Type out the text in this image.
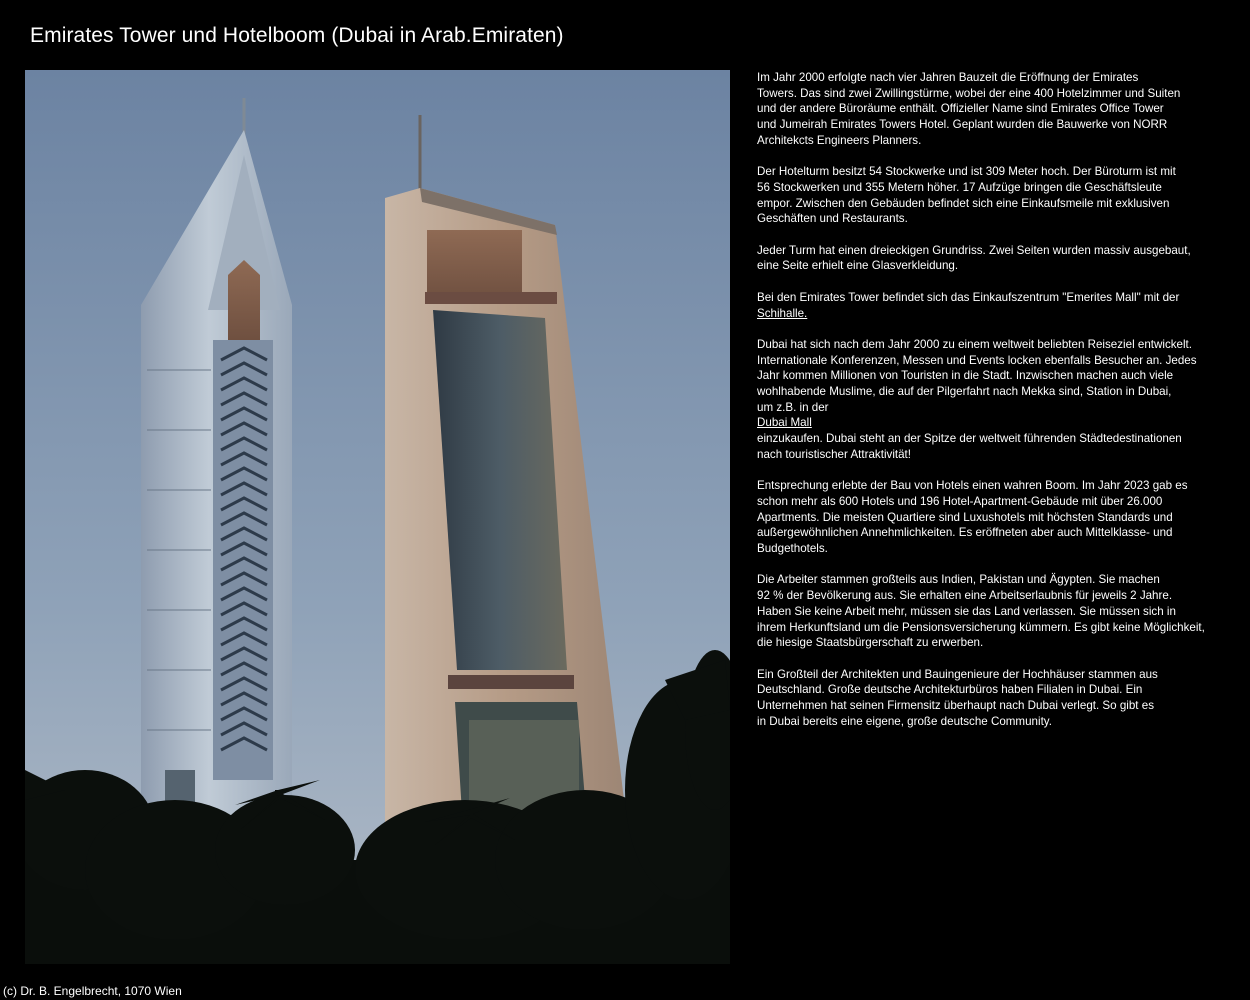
Emirates Tower und Hotelboom (Dubai in Arab.Emiraten)

Im Jahr 2000 erfolgte nach vier Jahren Bauzeit die Eröffnung der Emirates
Towers. Das sind zwei Zwillingstürme, wobei der eine 400 Hotelzimmer und Suiten
und der andere Büroräume enthält. Offizieller Name sind Emirates Office Tower
und Jumeirah Emirates Towers Hotel. Geplant wurden die Bauwerke von NORR
Architekcts Engineers Planners.

Der Hotelturm besitzt 54 Stockwerke und ist 309 Meter hoch. Der Büroturm ist mit
56 Stockwerken und 355 Metern höher. 17 Aufzüge bringen die Geschäftsleute
empor. Zwischen den Gebäuden befindet sich eine Einkaufsmeile mit exklusiven
Geschäften und Restaurants.

Jeder Turm hat einen dreieckigen Grundriss. Zwei Seiten wurden massiv ausgebaut,
eine Seite erhielt eine Glasverkleidung.

Bei den Emirates Tower befindet sich das Einkaufszentrum "Emerites Mall" mit der
Schihalle.

Dubai hat sich nach dem Jahr 2000 zu einem weltweit beliebten Reiseziel entwickelt.
Internationale Konferenzen, Messen und Events locken ebenfalls Besucher an. Jedes
Jahr kommen Millionen von Touristen in die Stadt. Inzwischen machen auch viele
wohlhabende Muslime, die auf der Pilgerfahrt nach Mekka sind, Station in Dubai,
um z.B. in der
Dubai Mall
einzukaufen. Dubai steht an der Spitze der weltweit führenden Städtedestinationen
nach touristischer Attraktivität!

Entsprechung erlebte der Bau von Hotels einen wahren Boom. Im Jahr 2023 gab es
schon mehr als 600 Hotels und 196 Hotel-Apartment-Gebäude mit über 26.000
Apartments. Die meisten Quartiere sind Luxushotels mit höchsten Standards und
außergewöhnlichen Annehmlichkeiten. Es eröffneten aber auch Mittelklasse- und
Budgethotels.

Die Arbeiter stammen großteils aus Indien, Pakistan und Ägypten. Sie machen
92 % der Bevölkerung aus. Sie erhalten eine Arbeitserlaubnis für jeweils 2 Jahre.
Haben Sie keine Arbeit mehr, müssen sie das Land verlassen. Sie müssen sich in
ihrem Herkunftsland um die Pensionsversicherung kümmern. Es gibt keine Möglichkeit,
die hiesige Staatsbürgerschaft zu erwerben.

Ein Großteil der Architekten und Bauingenieure der Hochhäuser stammen aus
Deutschland. Große deutsche Architekturbüros haben Filialen in Dubai. Ein
Unternehmen hat seinen Firmensitz überhaupt nach Dubai verlegt. So gibt es
in Dubai bereits eine eigene, große deutsche Community.

(c) Dr. B. Engelbrecht, 1070 Wien
